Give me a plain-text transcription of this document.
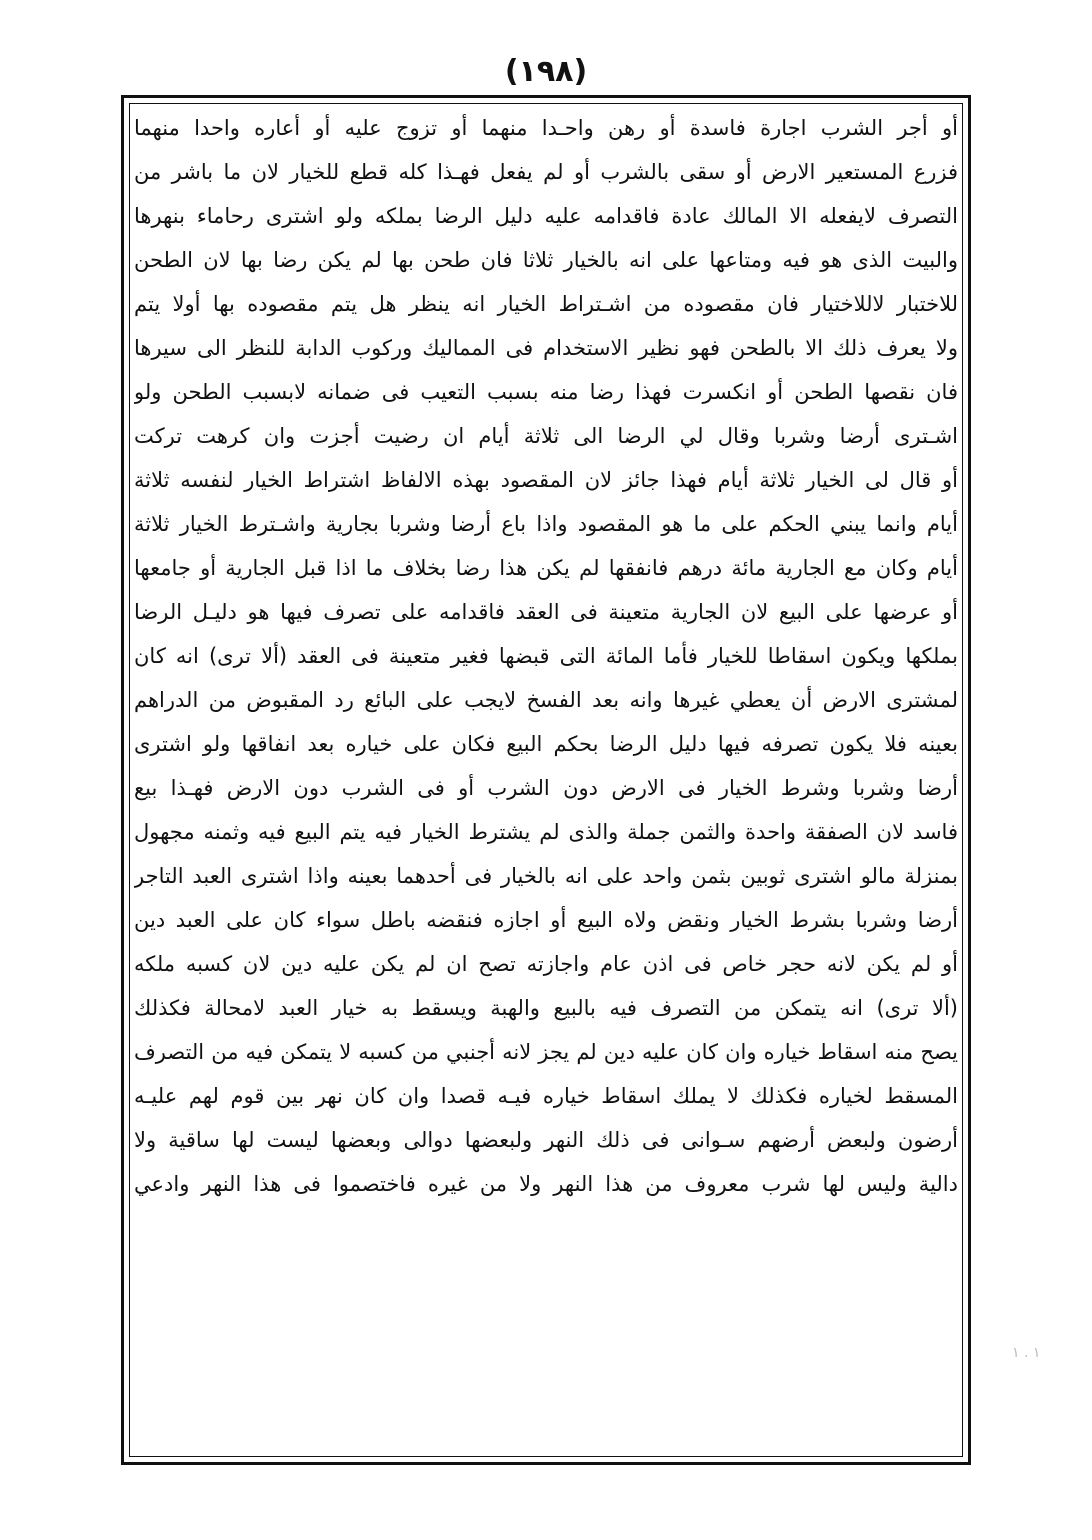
(١٩٨)
أو أجر الشرب اجارة فاسدة أو رهن واحـدا منهما أو تزوج عليه أو أعاره واحدا منهما
فزرع المستعير الارض أو سقى بالشرب أو لم يفعل فهـذا كله قطع للخيار لان ما باشر من
التصرف لايفعله الا المالك عادة فاقدامه عليه دليل الرضا بملكه ولو اشترى رحاماء بنهرها
والبيت الذى هو فيه ومتاعها على انه بالخيار ثلاثا فان طحن بها لم يكن رضا بها لان الطحن
للاختبار لاللاختيار فان مقصوده من اشـتراط الخيار انه ينظر هل يتم مقصوده بها أولا يتم
ولا يعرف ذلك الا بالطحن فهو نظير الاستخدام فى المماليك وركوب الدابة للنظر الى سيرها
فان نقصها الطحن أو انكسرت فهذا رضا منه بسبب التعيب فى ضمانه لابسبب الطحن ولو
اشـترى أرضا وشربا وقال لي الرضا الى ثلاثة أيام ان رضيت أجزت وان كرهت تركت
أو قال لى الخيار ثلاثة أيام فهذا جائز لان المقصود بهذه الالفاظ اشتراط الخيار لنفسه ثلاثة
أيام وانما يبني الحكم على ما هو المقصود واذا باع أرضا وشربا بجارية واشـترط الخيار ثلاثة
أيام وكان مع الجارية مائة درهم فانفقها لم يكن هذا رضا بخلاف ما اذا قبل الجارية أو جامعها
أو عرضها على البيع لان الجارية متعينة فى العقد فاقدامه على تصرف فيها هو دليـل الرضا
بملكها ويكون اسقاطا للخيار فأما المائة التى قبضها فغير متعينة فى العقد (ألا ترى) انه كان
لمشترى الارض أن يعطي غيرها وانه بعد الفسخ لايجب على البائع رد المقبوض من الدراهم
بعينه فلا يكون تصرفه فيها دليل الرضا بحكم البيع فكان على خياره بعد انفاقها ولو اشترى
أرضا وشربا وشرط الخيار فى الارض دون الشرب أو فى الشرب دون الارض فهـذا بيع
فاسد لان الصفقة واحدة والثمن جملة والذى لم يشترط الخيار فيه يتم البيع فيه وثمنه مجهول
بمنزلة مالو اشترى ثوبين بثمن واحد على انه بالخيار فى أحدهما بعينه واذا اشترى العبد التاجر
أرضا وشربا بشرط الخيار ونقض ولاه البيع أو اجازه فنقضه باطل سواء كان على العبد دين
أو لم يكن لانه حجر خاص فى اذن عام واجازته تصح ان لم يكن عليه دين لان كسبه ملكه
(ألا ترى) انه يتمكن من التصرف فيه بالبيع والهبة ويسقط به خيار العبد لامحالة فكذلك
يصح منه اسقاط خياره وان كان عليه دين لم يجز لانه أجنبي من كسبه لا يتمكن فيه من التصرف
المسقط لخياره فكذلك لا يملك اسقاط خياره فيـه قصدا وان كان نهر بين قوم لهم عليـه
أرضون ولبعض أرضهم سـوانى فى ذلك النهر ولبعضها دوالى وبعضها ليست لها ساقية ولا
دالية وليس لها شرب معروف من هذا النهر ولا من غيره فاختصموا فى هذا النهر وادعي
١ . ١
